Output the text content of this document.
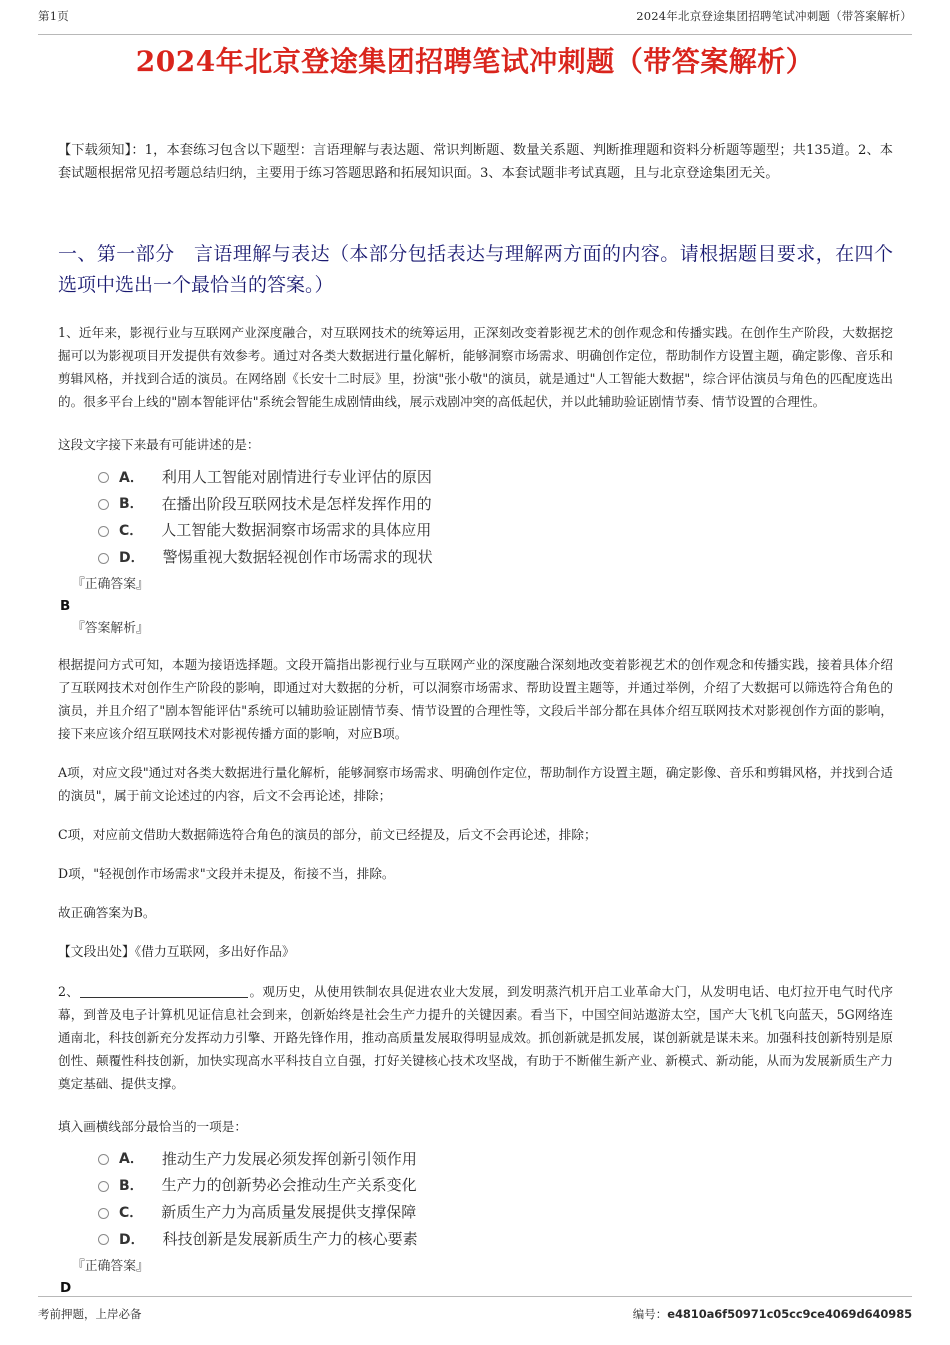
第1页	2024年北京登途集团招聘笔试冲刺题（带答案解析）
2024年北京登途集团招聘笔试冲刺题（带答案解析）

【下载须知】：1，本套练习包含以下题型：言语理解与表达题、常识判断题、数量关系题、判断推理题和资料分析题等题型；共135道。2、本套试题根据常见招考题总结归纳，主要用于练习答题思路和拓展知识面。3、本套试题非考试真题，且与北京登途集团无关。

一、第一部分　言语理解与表达（本部分包括表达与理解两方面的内容。请根据题目要求，在四个选项中选出一个最恰当的答案。）

1、近年来，影视行业与互联网产业深度融合，对互联网技术的统筹运用，正深刻改变着影视艺术的创作观念和传播实践。在创作生产阶段，大数据挖掘可以为影视项目开发提供有效参考。通过对各类大数据进行量化解析，能够洞察市场需求、明确创作定位，帮助制作方设置主题，确定影像、音乐和剪辑风格，并找到合适的演员。在网络剧《长安十二时辰》里，扮演"张小敬"的演员，就是通过"人工智能大数据"，综合评估演员与角色的匹配度选出的。很多平台上线的"剧本智能评估"系统会智能生成剧情曲线，展示戏剧冲突的高低起伏，并以此辅助验证剧情节奏、情节设置的合理性。

这段文字接下来最有可能讲述的是：

A． 利用人工智能对剧情进行专业评估的原因
B． 在播出阶段互联网技术是怎样发挥作用的
C． 人工智能大数据洞察市场需求的具体应用
D． 警惕重视大数据轻视创作市场需求的现状
『正确答案』
B
『答案解析』

根据提问方式可知，本题为接语选择题。文段开篇指出影视行业与互联网产业的深度融合深刻地改变着影视艺术的创作观念和传播实践，接着具体介绍了互联网技术对创作生产阶段的影响，即通过对大数据的分析，可以洞察市场需求、帮助设置主题等，并通过举例，介绍了大数据可以筛选符合角色的演员，并且介绍了"剧本智能评估"系统可以辅助验证剧情节奏、情节设置的合理性等，文段后半部分都在具体介绍互联网技术对影视创作方面的影响，接下来应该介绍互联网技术对影视传播方面的影响，对应B项。

A项，对应文段"通过对各类大数据进行量化解析，能够洞察市场需求、明确创作定位，帮助制作方设置主题，确定影像、音乐和剪辑风格，并找到合适的演员"，属于前文论述过的内容，后文不会再论述，排除；

C项，对应前文借助大数据筛选符合角色的演员的部分，前文已经提及，后文不会再论述，排除；

D项，"轻视创作市场需求"文段并未提及，衔接不当，排除。

故正确答案为B。

【文段出处】《借力互联网，多出好作品》

2、	。观历史，从使用铁制农具促进农业大发展，到发明蒸汽机开启工业革命大门，从发明电话、电灯拉开电气时代序幕，到普及电子计算机见证信息社会到来，创新始终是社会生产力提升的关键因素。看当下，中国空间站遨游太空，国产大飞机飞向蓝天，5G网络连通南北，科技创新充分发挥动力引擎、开路先锋作用，推动高质量发展取得明显成效。抓创新就是抓发展，谋创新就是谋未来。加强科技创新特别是原创性、颠覆性科技创新，加快实现高水平科技自立自强，打好关键核心技术攻坚战，有助于不断催生新产业、新模式、新动能，从而为发展新质生产力奠定基础、提供支撑。

填入画横线部分最恰当的一项是：

A． 推动生产力发展必须发挥创新引领作用
B． 生产力的创新势必会推动生产关系变化
C． 新质生产力为高质量发展提供支撑保障
D． 科技创新是发展新质生产力的核心要素
『正确答案』
D
考前押题，上岸必备	编号：e4810a6f50971c05cc9ce4069d640985
